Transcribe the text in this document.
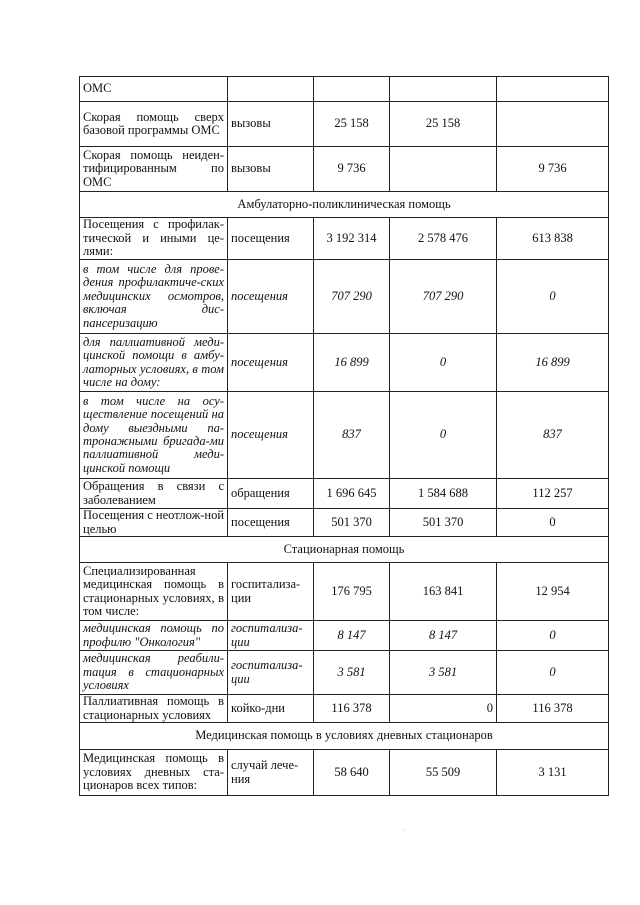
ОМС				
Скорая помощь сверх базовой программы ОМС	вызовы	25 158	25 158	
Скорая помощь неиден-тифицированным по ОМС	вызовы	9 736		9 736
Амбулаторно-поликлиническая помощь				
Посещения с профилак-тической и иными це-лями:	посещения	3 192 314	2 578 476	613 838
в том числе для прове-дения профилактиче-ских медицинских осмотров, включая дис-пансеризацию	посещения	707 290	707 290	0
для паллиативной меди-цинской помощи в амбу-латорных условиях, в том числе на дому:	посещения	16 899	0	16 899
в том числе на осу-ществление посещений на дому выездными па-тронажными бригада-ми паллиативной меди-цинской помощи	посещения	837	0	837
Обращения в связи с заболеванием	обращения	1 696 645	1 584 688	112 257
Посещения с неотлож-ной целью	посещения	501 370	501 370	0
Стационарная помощь				
Специализированная медицинская помощь в стационарных условиях, в том числе:	госпитализа-ции	176 795	163 841	12 954
медицинская помощь по профилю "Онкология"	госпитализа-ции	8 147	8 147	0
медицинская реабили-тация в стационарных условиях	госпитализа-ции	3 581	3 581	0
Паллиативная помощь в стационарных условиях	койко-дни	116 378	0	116 378
Медицинская помощь в условиях дневных стационаров				
Медицинская помощь в условиях дневных ста-ционаров всех типов:	случай лече-ния	58 640	55 509	3 131
·
